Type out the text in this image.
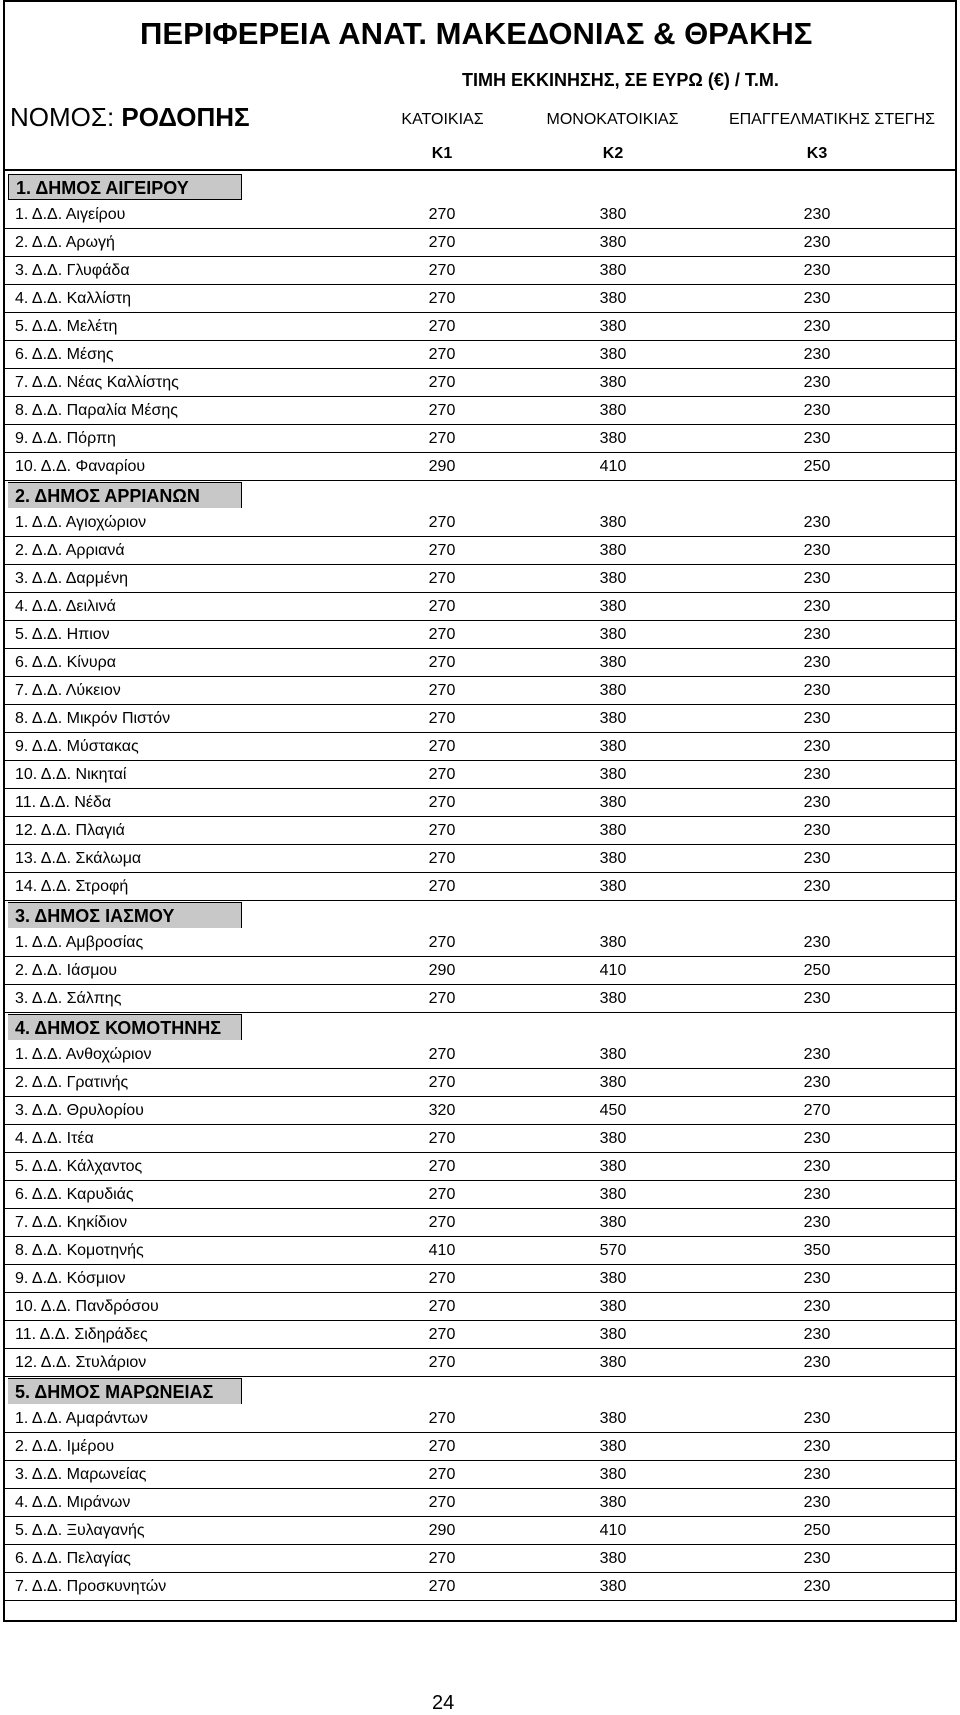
ΠΕΡΙΦΕΡΕΙΑ ΑΝΑΤ. ΜΑΚΕΔΟΝΙΑΣ & ΘΡΑΚΗΣ
ΤΙΜΗ ΕΚΚΙΝΗΣΗΣ, ΣΕ ΕΥΡΩ (€) / Τ.Μ.
ΝΟΜΟΣ: ΡΟΔΟΠΗΣ	ΚΑΤΟΙΚΙΑΣ	ΜΟΝΟΚΑΤΟΙΚΙΑΣ	ΕΠΑΓΓΕΛΜΑΤΙΚΗΣ ΣΤΕΓΗΣ
Κ1	Κ2	Κ3
1. ΔΗΜΟΣ ΑΙΓΕΙΡΟΥ
1. Δ.Δ. Αιγείρου	270	380	230
2. Δ.Δ. Αρωγή	270	380	230
3. Δ.Δ. Γλυφάδα	270	380	230
4. Δ.Δ. Καλλίστη	270	380	230
5. Δ.Δ. Μελέτη	270	380	230
6. Δ.Δ. Μέσης	270	380	230
7. Δ.Δ. Νέας Καλλίστης	270	380	230
8. Δ.Δ. Παραλία Μέσης	270	380	230
9. Δ.Δ. Πόρπη	270	380	230
10. Δ.Δ. Φαναρίου	290	410	250
2. ΔΗΜΟΣ ΑΡΡΙΑΝΩΝ
1. Δ.Δ. Αγιοχώριον	270	380	230
2. Δ.Δ. Αρριανά	270	380	230
3. Δ.Δ. Δαρμένη	270	380	230
4. Δ.Δ. Δειλινά	270	380	230
5. Δ.Δ. Ηπιον	270	380	230
6. Δ.Δ. Κίνυρα	270	380	230
7. Δ.Δ. Λύκειον	270	380	230
8. Δ.Δ. Μικρόν Πιστόν	270	380	230
9. Δ.Δ. Μύστακας	270	380	230
10. Δ.Δ. Νικηταί	270	380	230
11. Δ.Δ. Νέδα	270	380	230
12. Δ.Δ. Πλαγιά	270	380	230
13. Δ.Δ. Σκάλωμα	270	380	230
14. Δ.Δ. Στροφή	270	380	230
3. ΔΗΜΟΣ ΙΑΣΜΟΥ
1. Δ.Δ. Αμβροσίας	270	380	230
2. Δ.Δ. Ιάσμου	290	410	250
3. Δ.Δ. Σάλπης	270	380	230
4. ΔΗΜΟΣ ΚΟΜΟΤΗΝΗΣ
1. Δ.Δ. Ανθοχώριον	270	380	230
2. Δ.Δ. Γρατινής	270	380	230
3. Δ.Δ. Θρυλορίου	320	450	270
4. Δ.Δ. Ιτέα	270	380	230
5. Δ.Δ. Κάλχαντος	270	380	230
6. Δ.Δ. Καρυδιάς	270	380	230
7. Δ.Δ. Κηκίδιον	270	380	230
8. Δ.Δ. Κομοτηνής	410	570	350
9. Δ.Δ. Κόσμιον	270	380	230
10. Δ.Δ. Πανδρόσου	270	380	230
11. Δ.Δ. Σιδηράδες	270	380	230
12. Δ.Δ. Στυλάριον	270	380	230
5. ΔΗΜΟΣ ΜΑΡΩΝΕΙΑΣ
1. Δ.Δ. Αμαράντων	270	380	230
2. Δ.Δ. Ιμέρου	270	380	230
3. Δ.Δ. Μαρωνείας	270	380	230
4. Δ.Δ. Μιράνων	270	380	230
5. Δ.Δ. Ξυλαγανής	290	410	250
6. Δ.Δ. Πελαγίας	270	380	230
7. Δ.Δ. Προσκυνητών	270	380	230
24
